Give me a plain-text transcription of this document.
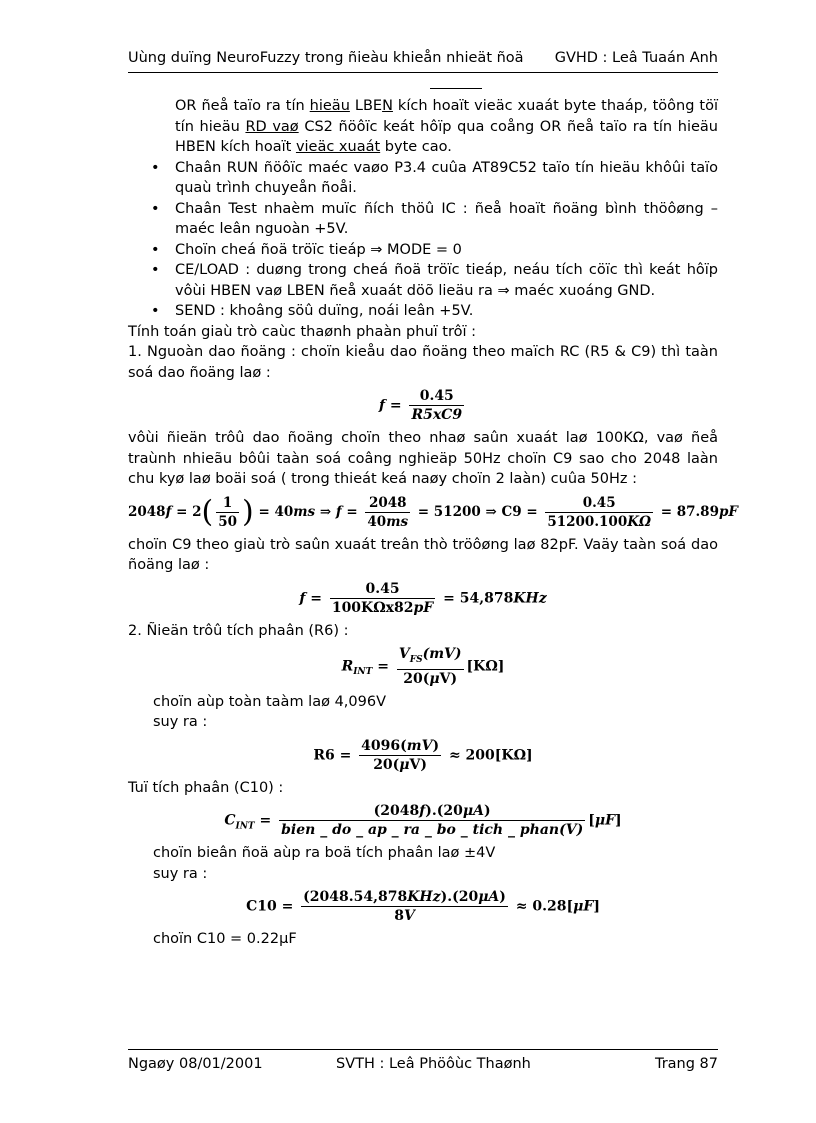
Uùng duïng NeuroFuzzy trong ñieàu khieån nhieät ñoä GVHD : Leâ Tuaán Anh

OR ñeå taïo ra tín hieäu LBEN kích hoaït vieäc xuaát byte thaáp, töông töï tín hieäu RD vaø CS2 ñöôïc keát hôïp qua coång OR ñeå taïo ra tín hieäu HBEN kích hoaït vieäc xuaát byte cao.

• Chaân RUN ñöôïc maéc vaøo P3.4 cuûa AT89C52 taïo tín hieäu khôûi taïo quaù trình chuyeån ñoåi.
• Chaân Test nhaèm muïc ñích thöû IC : ñeå hoaït ñoäng bình thöôøng – maéc leân nguoàn +5V.
• Choïn cheá ñoä tröïc tieáp ⇒ MODE = 0
• CE/LOAD : duøng trong cheá ñoä tröïc tieáp, neáu tích cöïc thì keát hôïp vôùi HBEN vaø LBEN ñeå xuaát döõ lieäu ra ⇒ maéc xuoáng GND.
• SEND : khoâng söû duïng, noái leân +5V.

Tính toán giaù trò caùc thaønh phaàn phuï trôï :

1. Nguoàn dao ñoäng : choïn kieåu dao ñoäng theo maïch RC (R5 & C9) thì taàn soá dao ñoäng laø :

$f = \frac{0.45}{R5xC9}$

vôùi ñieän trôû dao ñoäng choïn theo nhaø saûn xuaát laø 100KΩ, vaø ñeå traùnh nhieãu bôûi taàn soá coâng nghieäp 50Hz choïn C9 sao cho 2048 laàn chu kyø laø boäi soá ( trong thieát keá naøy choïn 2 laàn) cuûa 50Hz :

$2048f = 2( \frac{1}{50}$ ) = 40ms ⇒ $f = \frac{2048}{40ms} = 51200$ ⇒ $C9 = \frac{0.45}{51200.100K\Omega} = 87.89pF$

choïn C9 theo giaù trò saûn xuaát treân thò tröôøng laø 82pF. Vaäy taàn soá dao ñoäng laø :

$f = \frac{0.45}{\text{100KΩx82pF}} = 54,878KHz$

2. Ñieän trôû tích phaân (R6) :

$R_{INT} = \frac{V_{FS}(mV)}{20(\mu V)} [K\Omega]$

choïn aùp toàn taàm laø 4,096V

suy ra :

$R6 = \frac{4096(mV)}{20(\mu V)} \approx 200[K\Omega]$

Tuï tích phaân (C10) :

$C_{INT} = \frac{(2048f).(20\mu A)}{\text{bien \_ do \_ ap \_ ra \_ bo \_ tich \_ phan(V)}} [\mu F]$

choïn bieân ñoä aùp ra boä tích phaân laø ±4V

suy ra :

$C10 = \frac{\text{(2048.54,878KHz).(20μA)}}{8V} \approx 0.28[\mu F]$

choïn C10 = 0.22μF

Ngaøy 08/01/2001	SVTH : Leâ Phöôùc Thaønh	Trang 87
